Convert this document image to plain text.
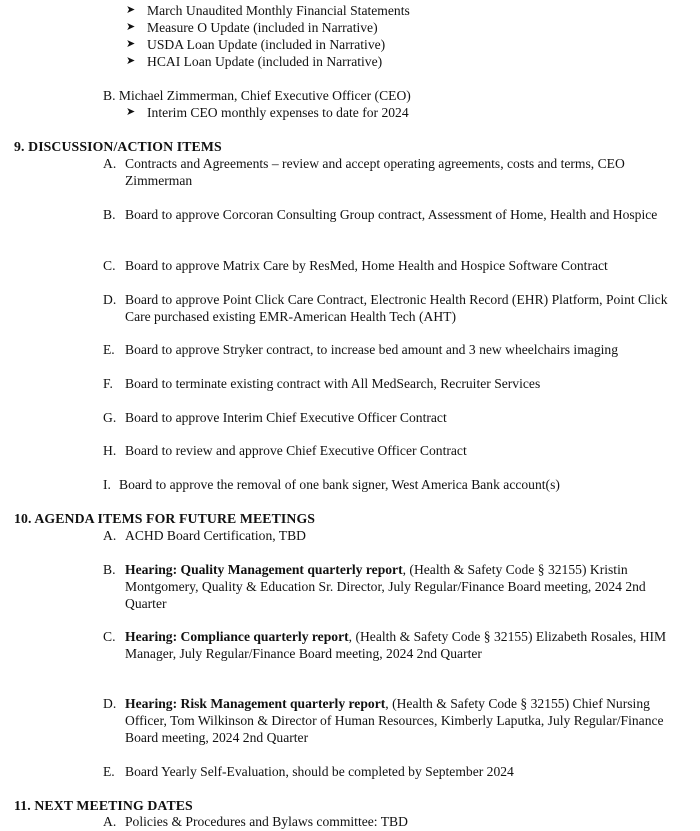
➤ March Unaudited Monthly Financial Statements
➤ Measure O Update (included in Narrative)
➤ USDA Loan Update (included in Narrative)
➤ HCAI Loan Update (included in Narrative)
B. Michael Zimmerman, Chief Executive Officer (CEO)
➤ Interim CEO monthly expenses to date for 2024
9. DISCUSSION/ACTION ITEMS
A. Contracts and Agreements – review and accept operating agreements, costs and terms, CEO Zimmerman
B. Board to approve Corcoran Consulting Group contract, Assessment of Home, Health and Hospice
C. Board to approve Matrix Care by ResMed, Home Health and Hospice Software Contract
D. Board to approve Point Click Care Contract, Electronic Health Record (EHR) Platform, Point Click Care purchased existing EMR-American Health Tech (AHT)
E. Board to approve Stryker contract, to increase bed amount and 3 new wheelchairs imaging
F. Board to terminate existing contract with All MedSearch, Recruiter Services
G. Board to approve Interim Chief Executive Officer Contract
H. Board to review and approve Chief Executive Officer Contract
I. Board to approve the removal of one bank signer, West America Bank account(s)
10. AGENDA ITEMS FOR FUTURE MEETINGS
A. ACHD Board Certification, TBD
B. Hearing: Quality Management quarterly report, (Health & Safety Code § 32155) Kristin Montgomery, Quality & Education Sr. Director, July Regular/Finance Board meeting, 2024 2nd Quarter
C. Hearing: Compliance quarterly report, (Health & Safety Code § 32155) Elizabeth Rosales, HIM Manager, July Regular/Finance Board meeting, 2024 2nd Quarter
D. Hearing: Risk Management quarterly report, (Health & Safety Code § 32155) Chief Nursing Officer, Tom Wilkinson & Director of Human Resources, Kimberly Laputka, July Regular/Finance Board meeting, 2024 2nd Quarter
E. Board Yearly Self-Evaluation, should be completed by September 2024
11. NEXT MEETING DATES
A. Policies & Procedures and Bylaws committee: TBD
